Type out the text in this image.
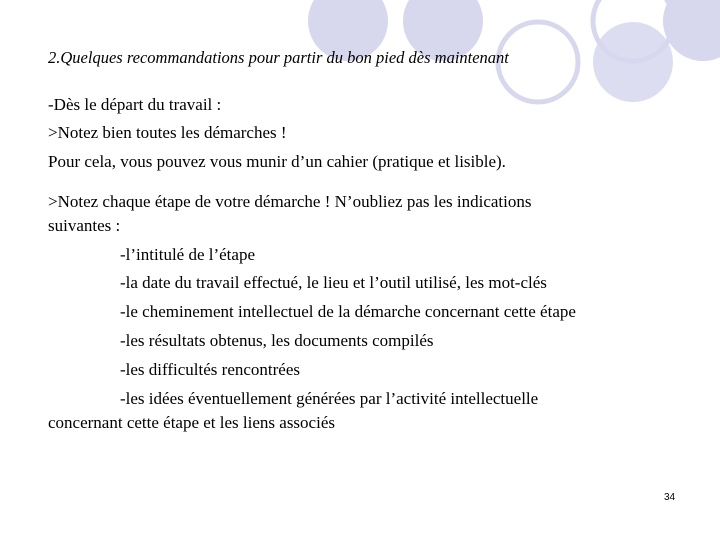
2.Quelques recommandations pour partir du bon pied dès maintenant
-Dès le départ du travail :
>Notez bien toutes les démarches !
Pour cela, vous pouvez vous munir d’un cahier (pratique et lisible).
>Notez chaque étape de votre démarche ! N’oubliez pas les indications
suivantes :
-l’intitulé de l’étape
-la date du travail effectué, le lieu et l’outil utilisé, les mot-clés
-le cheminement intellectuel de la démarche concernant cette étape
-les résultats obtenus, les documents compilés
-les difficultés rencontrées
-les idées éventuellement générées par l’activité intellectuelle
concernant cette étape et les liens associés
34
